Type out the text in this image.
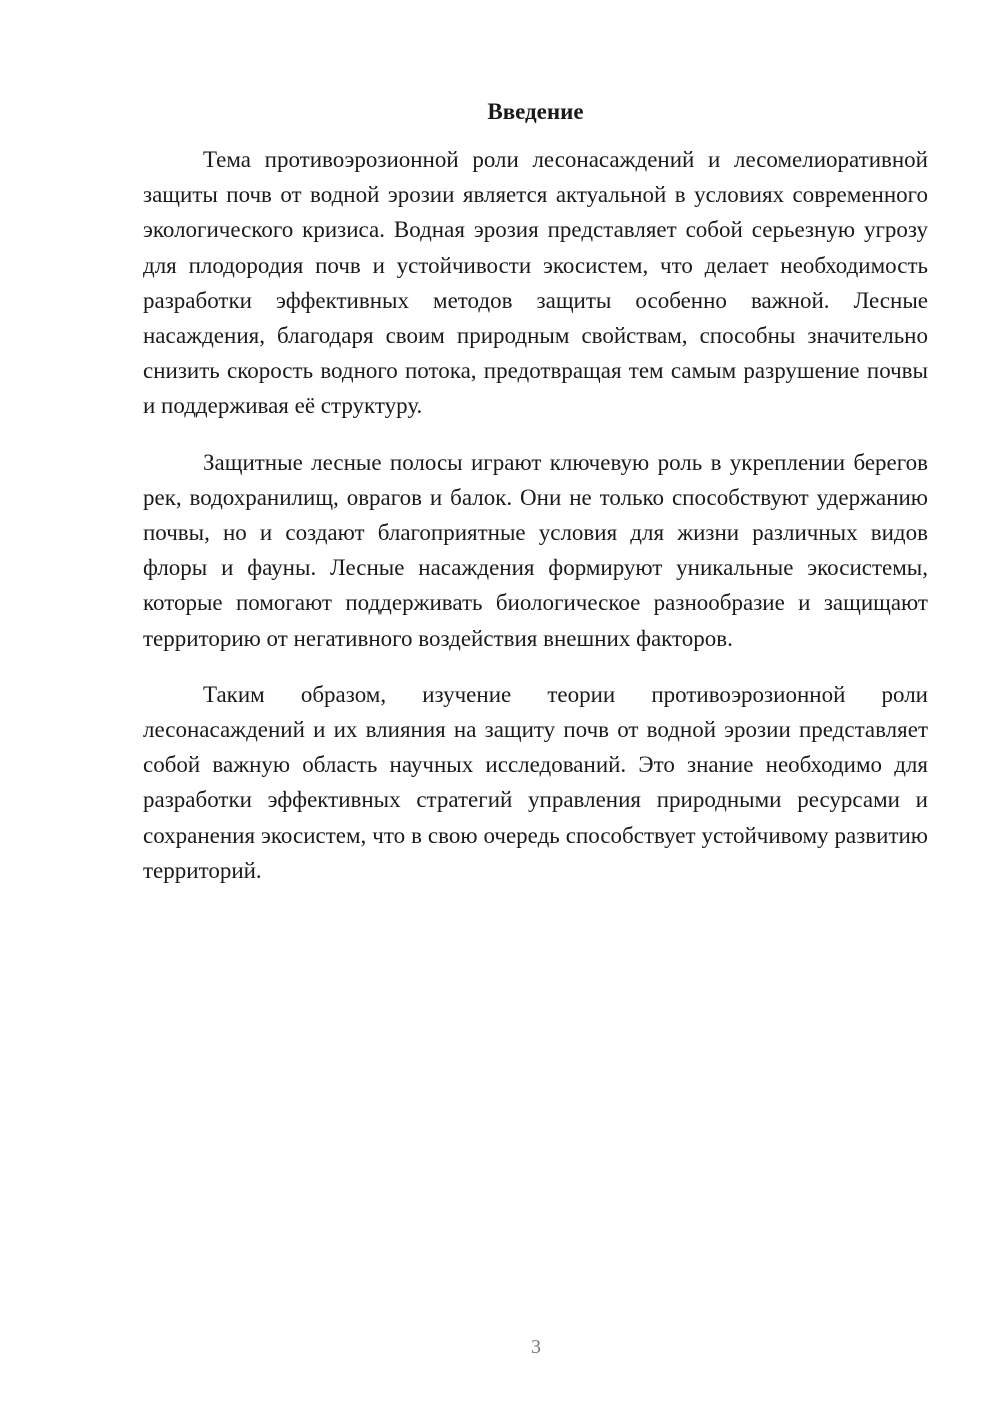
Введение

Тема противоэрозионной роли лесонасаждений и лесомелиоративной защиты почв от водной эрозии является актуальной в условиях современного экологического кризиса. Водная эрозия представляет собой серьезную угрозу для плодородия почв и устойчивости экосистем, что делает необходимость разработки эффективных методов защиты особенно важной. Лесные насаждения, благодаря своим природным свойствам, способны значительно снизить скорость водного потока, предотвращая тем самым разрушение почвы и поддерживая её структуру.

Защитные лесные полосы играют ключевую роль в укреплении берегов рек, водохранилищ, оврагов и балок. Они не только способствуют удержанию почвы, но и создают благоприятные условия для жизни различных видов флоры и фауны. Лесные насаждения формируют уникальные экосистемы, которые помогают поддерживать биологическое разнообразие и защищают территорию от негативного воздействия внешних факторов.

Таким образом, изучение теории противоэрозионной роли лесонасаждений и их влияния на защиту почв от водной эрозии представляет собой важную область научных исследований. Это знание необходимо для разработки эффективных стратегий управления природными ресурсами и сохранения экосистем, что в свою очередь способствует устойчивому развитию территорий.

3
